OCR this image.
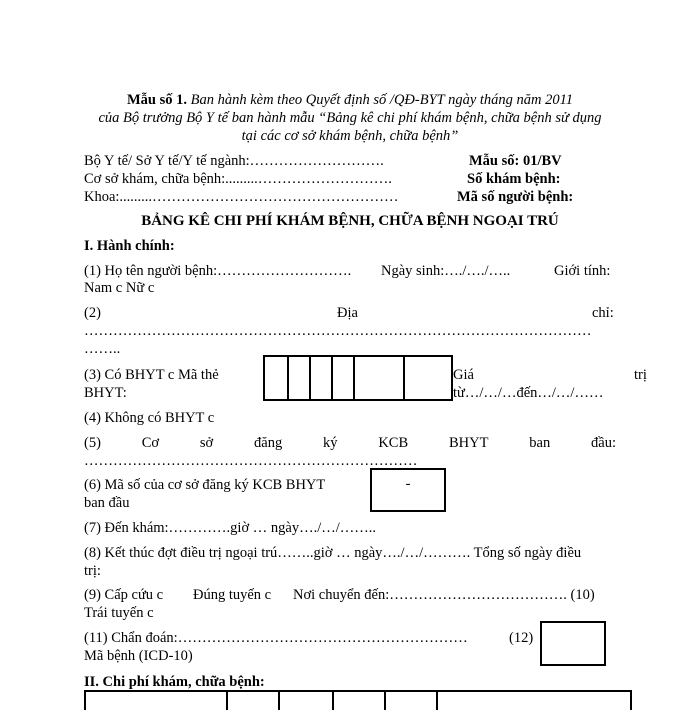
Mẫu số 1. Ban hành kèm theo Quyết định số /QĐ-BYT ngày tháng năm 2011
của Bộ trưởng Bộ Y tế ban hành mẫu “Bảng kê chi phí khám bệnh, chữa bệnh sử dụng
tại các cơ sở khám bệnh, chữa bệnh”
Bộ Y tế/ Sở Y tế/Y tế ngành:……………………….	Mẫu số: 01/BV
Cơ sở khám, chữa bệnh:.........……………………….	Số khám bệnh:
Khoa:.........……………………………………………	Mã số người bệnh:
BẢNG KÊ CHI PHÍ KHÁM BỆNH, CHỮA BỆNH NGOẠI TRÚ
I. Hành chính:
(1) Họ tên người bệnh:………………………. Ngày sinh:…./…./…..	Giới tính:
Nam c Nữ c
(2)	Địa	chỉ:
……………………………………………………………………………………………
……..
(3) Có BHYT c Mã thẻ
BHYT:
Giá	trị
từ…/…/…đến…/…/……
(4) Không có BHYT c
(5)	Cơ	sở	đăng	ký	KCB	BHYT	ban	đầu:
……………………………………………………………
(6) Mã số của cơ sở đăng ký KCB BHYT
ban đầu
-
(7) Đến khám:………….giờ … ngày…./…/……..
(8) Kết thúc đợt điều trị ngoại trú……..giờ … ngày…./…/………. Tổng số ngày điều
trị:
(9) Cấp cứu c Đúng tuyến c Nơi chuyển đến:………………………………. (10)
Trái tuyến c
(11) Chẩn đoán:……………………………………………………	(12)
Mã bệnh (ICD-10)
II. Chi phí khám, chữa bệnh:
